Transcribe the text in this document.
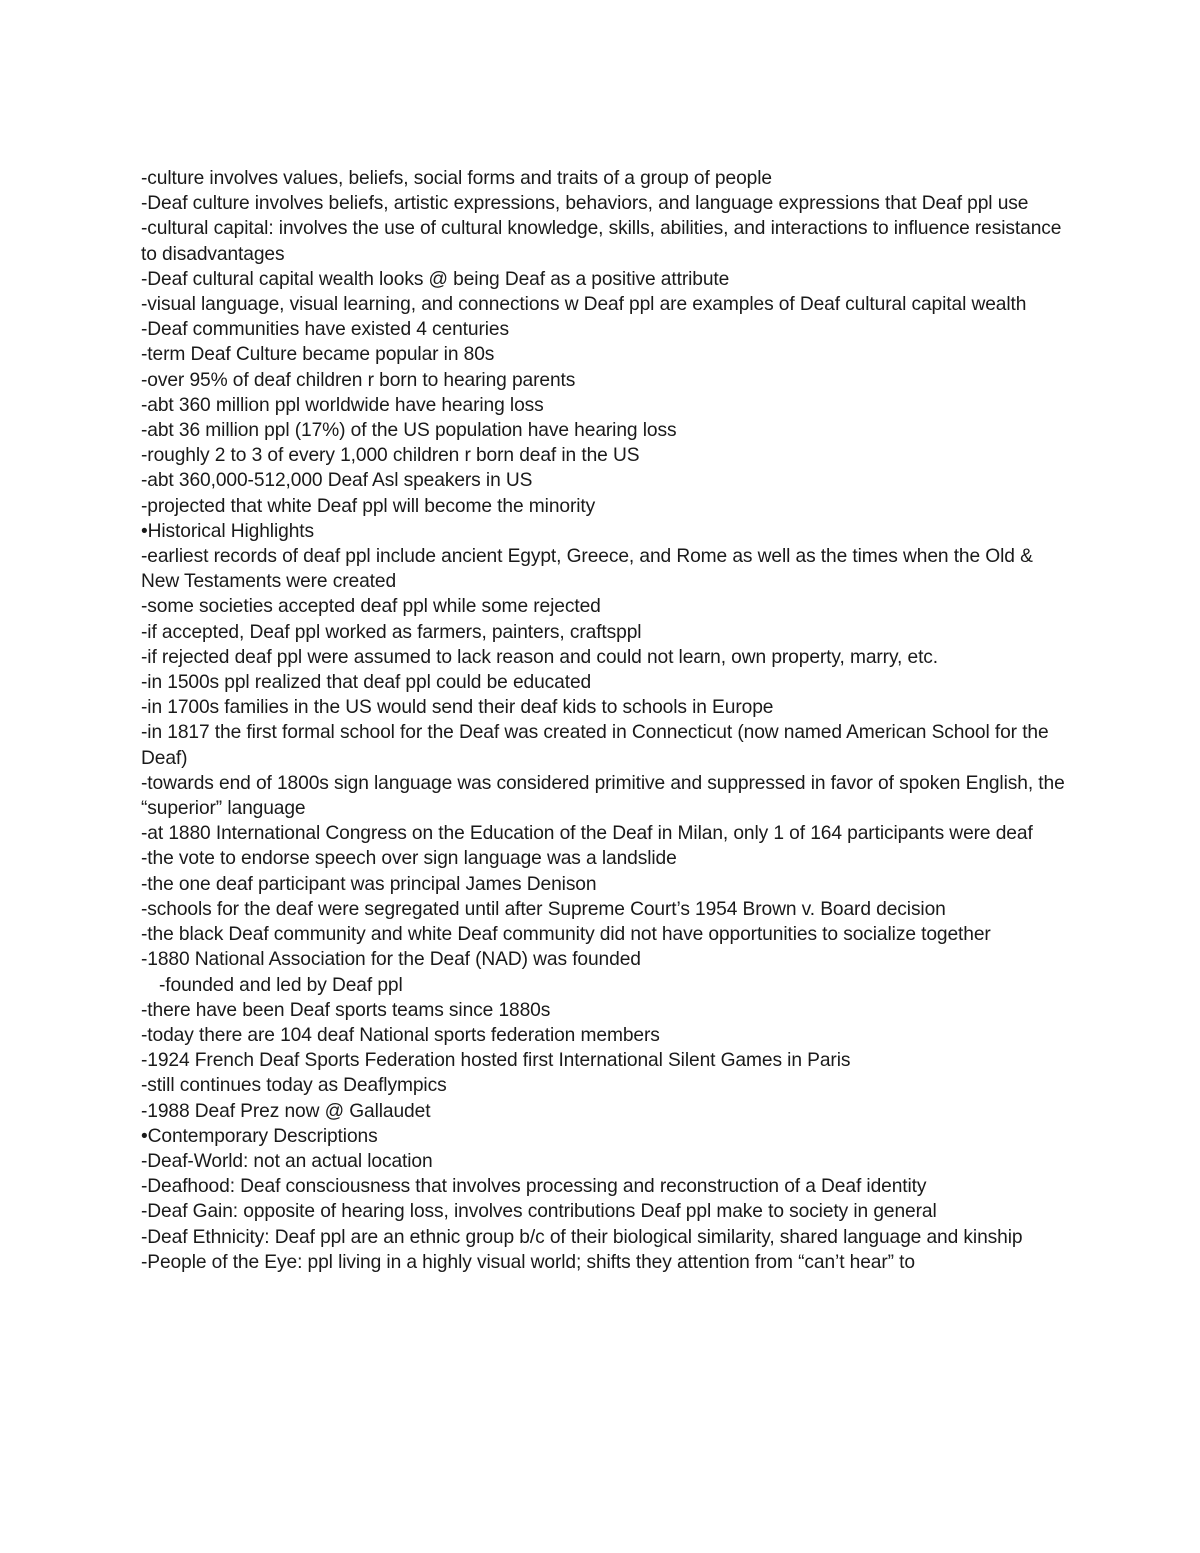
-culture involves values, beliefs, social forms and traits of a group of people

-Deaf culture involves beliefs, artistic expressions, behaviors, and language expressions that Deaf ppl use

-cultural capital: involves the use of cultural knowledge, skills, abilities, and interactions to influence resistance to disadvantages

-Deaf cultural capital wealth looks @ being Deaf as a positive attribute

-visual language, visual learning, and connections w Deaf ppl are examples of Deaf cultural capital wealth

-Deaf communities have existed 4 centuries

-term Deaf Culture became popular in 80s

-over 95% of deaf children r born to hearing parents

-abt 360 million ppl worldwide have hearing loss

-abt 36 million ppl (17%) of the US population have hearing loss

-roughly 2 to 3 of every 1,000 children r born deaf in the US

-abt 360,000-512,000 Deaf Asl speakers in US

-projected that white Deaf ppl will become the minority

•Historical Highlights

-earliest records of deaf ppl include ancient Egypt, Greece, and Rome as well as the times when the Old & New Testaments were created

-some societies accepted deaf ppl while some rejected

-if accepted, Deaf ppl worked as farmers, painters, craftsppl

-if rejected deaf ppl were assumed to lack reason and could not learn, own property, marry, etc.

-in 1500s ppl realized that deaf ppl could be educated

-in 1700s families in the US would send their deaf kids to schools in Europe

-in 1817 the first formal school for the Deaf was created in Connecticut (now named American School for the Deaf)

-towards end of 1800s sign language was considered primitive and suppressed in favor of spoken English, the “superior” language

-at 1880 International Congress on the Education of the Deaf in Milan, only 1 of 164 participants were deaf

-the vote to endorse speech over sign language was a landslide

-the one deaf participant was principal James Denison

-schools for the deaf were segregated until after Supreme Court’s 1954 Brown v. Board decision

-the black Deaf community and white Deaf community did not have opportunities to socialize together

-1880 National Association for the Deaf (NAD) was founded

-founded and led by Deaf ppl

-there have been Deaf sports teams since 1880s

-today there are 104 deaf National sports federation members

-1924 French Deaf Sports Federation hosted first International Silent Games in Paris

-still continues today as Deaflympics

-1988 Deaf Prez now @ Gallaudet

•Contemporary Descriptions

-Deaf-World: not an actual location

-Deafhood: Deaf consciousness that involves processing and reconstruction of a Deaf identity

-Deaf Gain: opposite of hearing loss, involves contributions Deaf ppl make to society in general

-Deaf Ethnicity: Deaf ppl are an ethnic group b/c of their biological similarity, shared language and kinship

-People of the Eye: ppl living in a highly visual world; shifts they attention from “can’t hear” to
